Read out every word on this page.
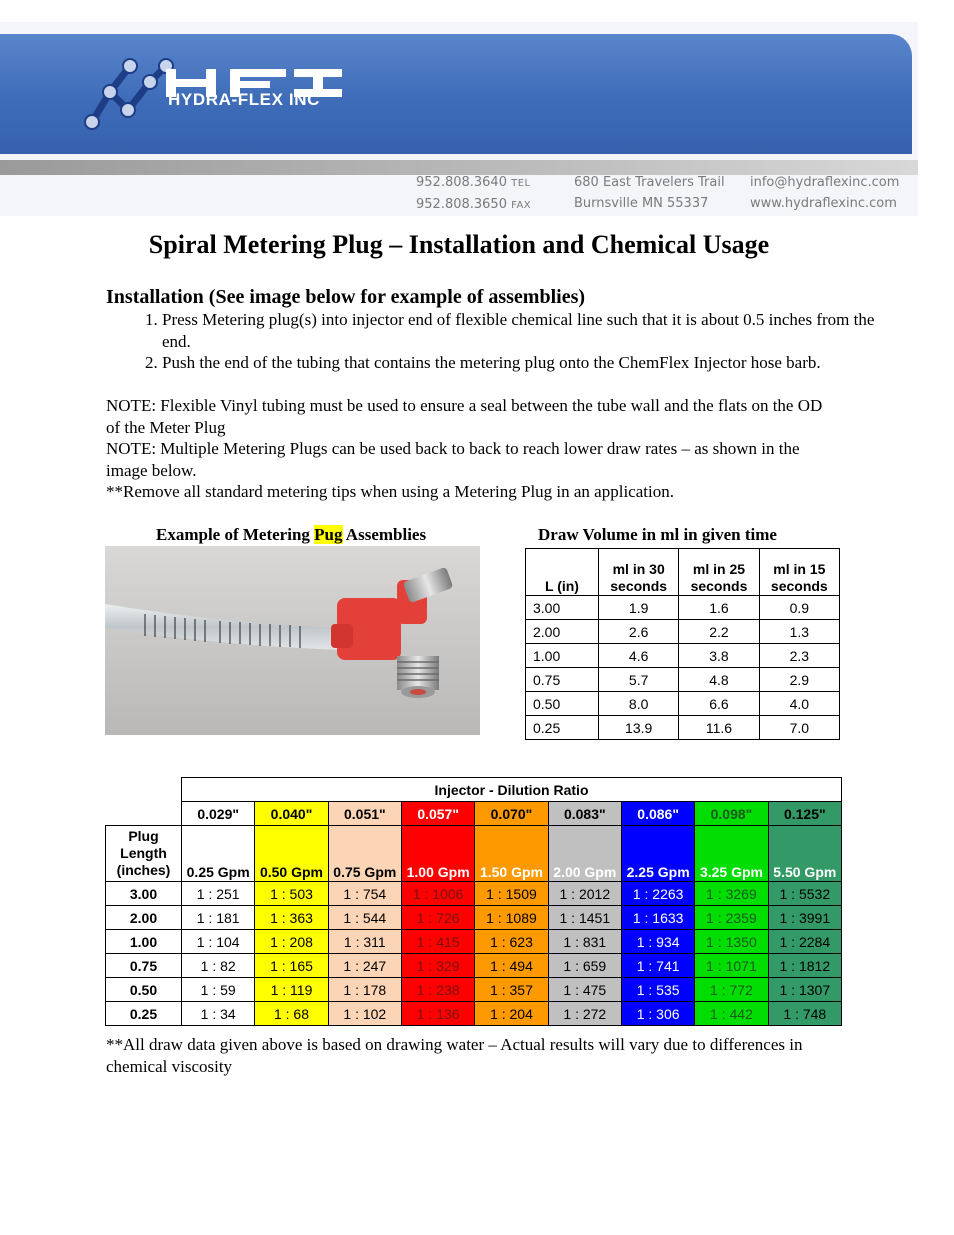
HYDRA-FLEX INC
952.808.3640 TEL
952.808.3650 FAX
680 East Travelers Trail
Burnsville MN 55337
info@hydraflexinc.com
www.hydraflexinc.com
Spiral Metering Plug – Installation and Chemical Usage
Installation (See image below for example of assemblies)
1. Press Metering plug(s) into injector end of flexible chemical line such that it is about 0.5 inches from the end.
2. Push the end of the tubing that contains the metering plug onto the ChemFlex Injector hose barb.
NOTE: Flexible Vinyl tubing must be used to ensure a seal between the tube wall and the flats on the OD of the Meter Plug
NOTE: Multiple Metering Plugs can be used back to back to reach lower draw rates – as shown in the image below.
**Remove all standard metering tips when using a Metering Plug in an application.
Example of Metering Pug Assemblies	Draw Volume in ml in given time
L (in)	ml in 30 seconds	ml in 25 seconds	ml in 15 seconds
3.00	1.9	1.6	0.9
2.00	2.6	2.2	1.3
1.00	4.6	3.8	2.3
0.75	5.7	4.8	2.9
0.50	8.0	6.6	4.0
0.25	13.9	11.6	7.0
	Injector - Dilution Ratio								
	0.029"	0.040"	0.051"	0.057"	0.070"	0.083"	0.086"	0.098"	0.125"
Plug Length (inches)	0.25 Gpm	0.50 Gpm	0.75 Gpm	1.00 Gpm	1.50 Gpm	2.00 Gpm	2.25 Gpm	3.25 Gpm	5.50 Gpm
3.00	1 : 251	1 : 503	1 : 754	1 : 1006	1 : 1509	1 : 2012	1 : 2263	1 : 3269	1 : 5532
2.00	1 : 181	1 : 363	1 : 544	1 : 726	1 : 1089	1 : 1451	1 : 1633	1 : 2359	1 : 3991
1.00	1 : 104	1 : 208	1 : 311	1 : 415	1 : 623	1 : 831	1 : 934	1 : 1350	1 : 2284
0.75	1 : 82	1 : 165	1 : 247	1 : 329	1 : 494	1 : 659	1 : 741	1 : 1071	1 : 1812
0.50	1 : 59	1 : 119	1 : 178	1 : 238	1 : 357	1 : 475	1 : 535	1 : 772	1 : 1307
0.25	1 : 34	1 : 68	1 : 102	1 : 136	1 : 204	1 : 272	1 : 306	1 : 442	1 : 748
**All draw data given above is based on drawing water – Actual results will vary due to differences in chemical viscosity
